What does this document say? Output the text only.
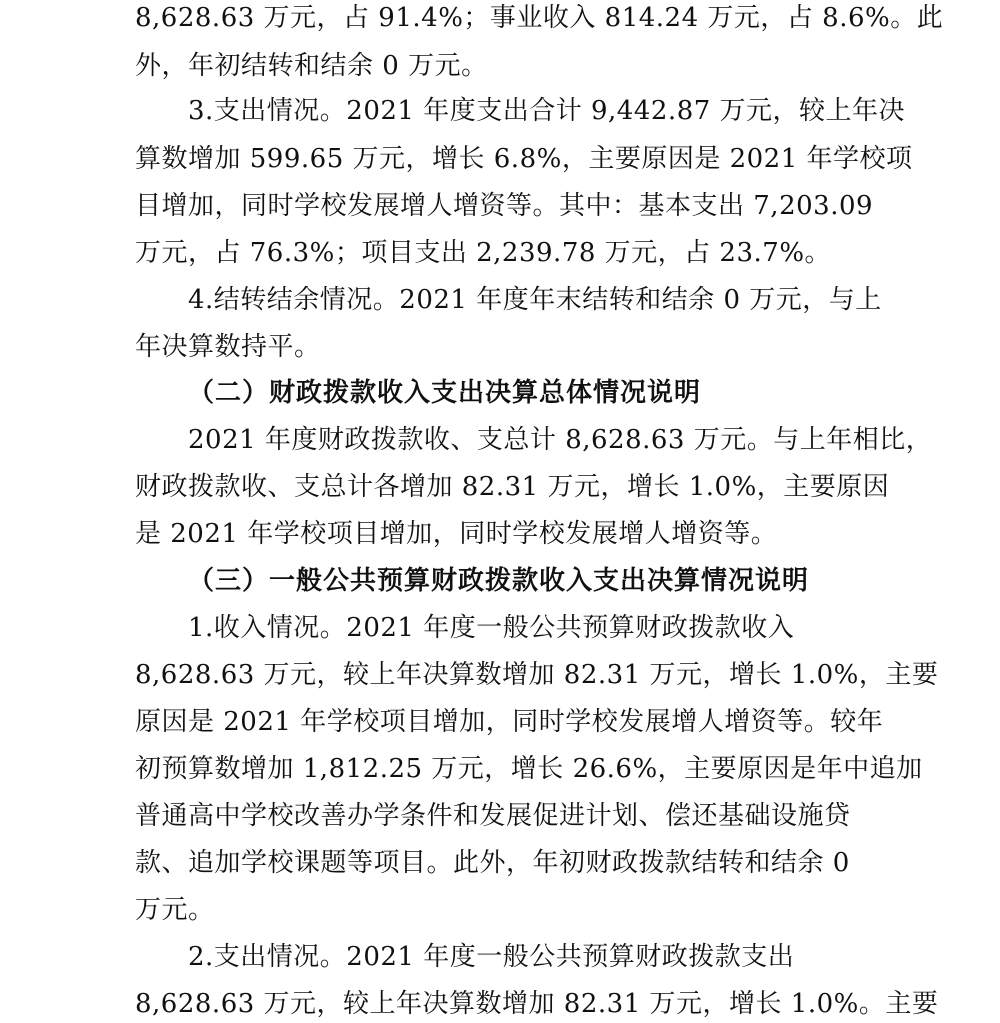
8,628.63 万元，占 91.4%；事业收入 814.24 万元，占 8.6%。此
外，年初结转和结余 0 万元。
3.支出情况。2021 年度支出合计 9,442.87 万元，较上年决
算数增加 599.65 万元，增长 6.8%，主要原因是 2021 年学校项
目增加，同时学校发展增人增资等。其中：基本支出 7,203.09
万元，占 76.3%；项目支出 2,239.78 万元，占 23.7%。
4.结转结余情况。2021 年度年末结转和结余 0 万元，与上
年决算数持平。
（二）财政拨款收入支出决算总体情况说明
2021 年度财政拨款收、支总计 8,628.63 万元。与上年相比，
财政拨款收、支总计各增加 82.31 万元，增长 1.0%，主要原因
是 2021 年学校项目增加，同时学校发展增人增资等。
（三）一般公共预算财政拨款收入支出决算情况说明
1.收入情况。2021 年度一般公共预算财政拨款收入
8,628.63 万元，较上年决算数增加 82.31 万元，增长 1.0%，主要
原因是 2021 年学校项目增加，同时学校发展增人增资等。较年
初预算数增加 1,812.25 万元，增长 26.6%，主要原因是年中追加
普通高中学校改善办学条件和发展促进计划、偿还基础设施贷
款、追加学校课题等项目。此外，年初财政拨款结转和结余 0
万元。
2.支出情况。2021 年度一般公共预算财政拨款支出
8,628.63 万元，较上年决算数增加 82.31 万元，增长 1.0%。主要
